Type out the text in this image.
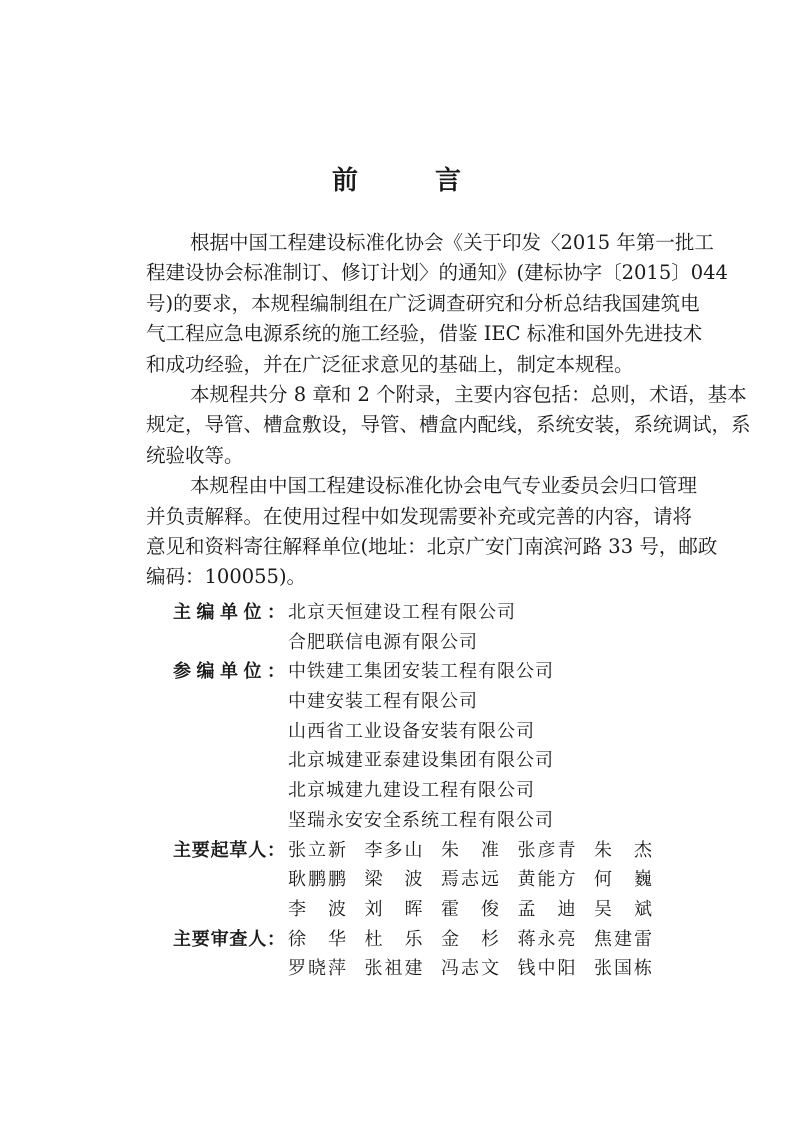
前 言
根据中国工程建设标准化协会《关于印发〈2015 年第一批工
程建设协会标准制订、修订计划〉的通知》(建标协字〔2015〕044
号)的要求，本规程编制组在广泛调查研究和分析总结我国建筑电
气工程应急电源系统的施工经验，借鉴 IEC 标准和国外先进技术
和成功经验，并在广泛征求意见的基础上，制定本规程。
本规程共分 8 章和 2 个附录，主要内容包括：总则，术语，基本
规定，导管、槽盒敷设，导管、槽盒内配线，系统安装，系统调试，系
统验收等。
本规程由中国工程建设标准化协会电气专业委员会归口管理
并负责解释。在使用过程中如发现需要补充或完善的内容，请将
意见和资料寄往解释单位(地址：北京广安门南滨河路 33 号，邮政
编码：100055)。
主编单位： 北京天恒建设工程有限公司
合肥联信电源有限公司
参编单位： 中铁建工集团安装工程有限公司
中建安装工程有限公司
山西省工业设备安装有限公司
北京城建亚泰建设集团有限公司
北京城建九建设工程有限公司
坚瑞永安安全系统工程有限公司
主要起草人： 张立新 李多山 朱准 张彦青 朱杰
耿鹏鹏 梁波 焉志远 黄能方 何巍
李波 刘晖 霍俊 孟迪 吴斌
主要审查人： 徐华 杜乐 金杉 蒋永亮 焦建雷
罗晓萍 张祖建 冯志文 钱中阳 张国栋
